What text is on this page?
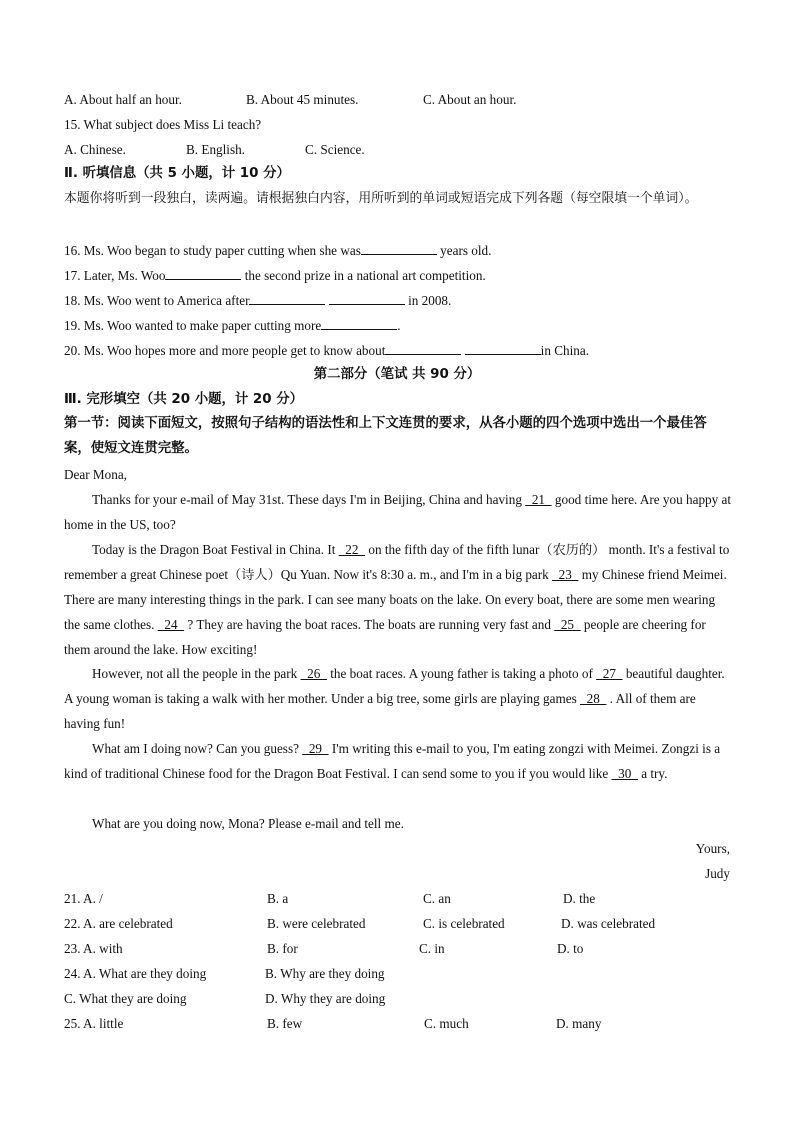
A. About half an hour.	B. About 45 minutes.	C. About an hour.
15. What subject does Miss Li teach?
A. Chinese.	B. English.	C. Science.
Ⅱ. 听填信息（共 5 小题，计 10 分）
本题你将听到一段独白，读两遍。请根据独白内容，用所听到的单词或短语完成下列各题（每空限填一个单词）。
16. Ms. Woo began to study paper cutting when she was	years old.
17. Later, Ms. Woo	the second prize in a national art competition.
18. Ms. Woo went to America after	in 2008.
19. Ms. Woo wanted to make paper cutting more	.
20. Ms. Woo hopes more and more people get to know about	in China.
第二部分（笔试 共 90 分）
Ⅲ. 完形填空（共 20 小题，计 20 分）
第一节：阅读下面短文，按照句子结构的语法性和上下文连贯的要求，从各小题的四个选项中选出一个最佳答案，使短文连贯完整。
Dear Mona,
Thanks for your e-mail of May 31st. These days I'm in Beijing, China and having   21   good time here. Are you happy at home in the US, too?
Today is the Dragon Boat Festival in China. It   22   on the fifth day of the fifth lunar（农历的） month. It's a festival to remember a great Chinese poet（诗人）Qu Yuan. Now it's 8:30 a. m., and I'm in a big park   23   my Chinese friend Meimei. There are many interesting things in the park. I can see many boats on the lake. On every boat, there are some men wearing the same clothes.   24   ? They are having the boat races. The boats are running very fast and   25   people are cheering for them around the lake. How exciting!
However, not all the people in the park   26   the boat races. A young father is taking a photo of   27   beautiful daughter. A young woman is taking a walk with her mother. Under a big tree, some girls are playing games   28   . All of them are having fun!
What am I doing now? Can you guess?   29   I'm writing this e-mail to you, I'm eating zongzi with Meimei. Zongzi is a kind of traditional Chinese food for the Dragon Boat Festival. I can send some to you if you would like   30   a try.
What are you doing now, Mona? Please e-mail and tell me.
Yours,
Judy
21. A. /	B. a	C. an	D. the
22. A. are celebrated	B. were celebrated	C. is celebrated	D. was celebrated
23. A. with	B. for	C. in	D. to
24. A. What are they doing	B. Why are they doing
C. What they are doing	D. Why they are doing
25. A. little	B. few	C. much	D. many
